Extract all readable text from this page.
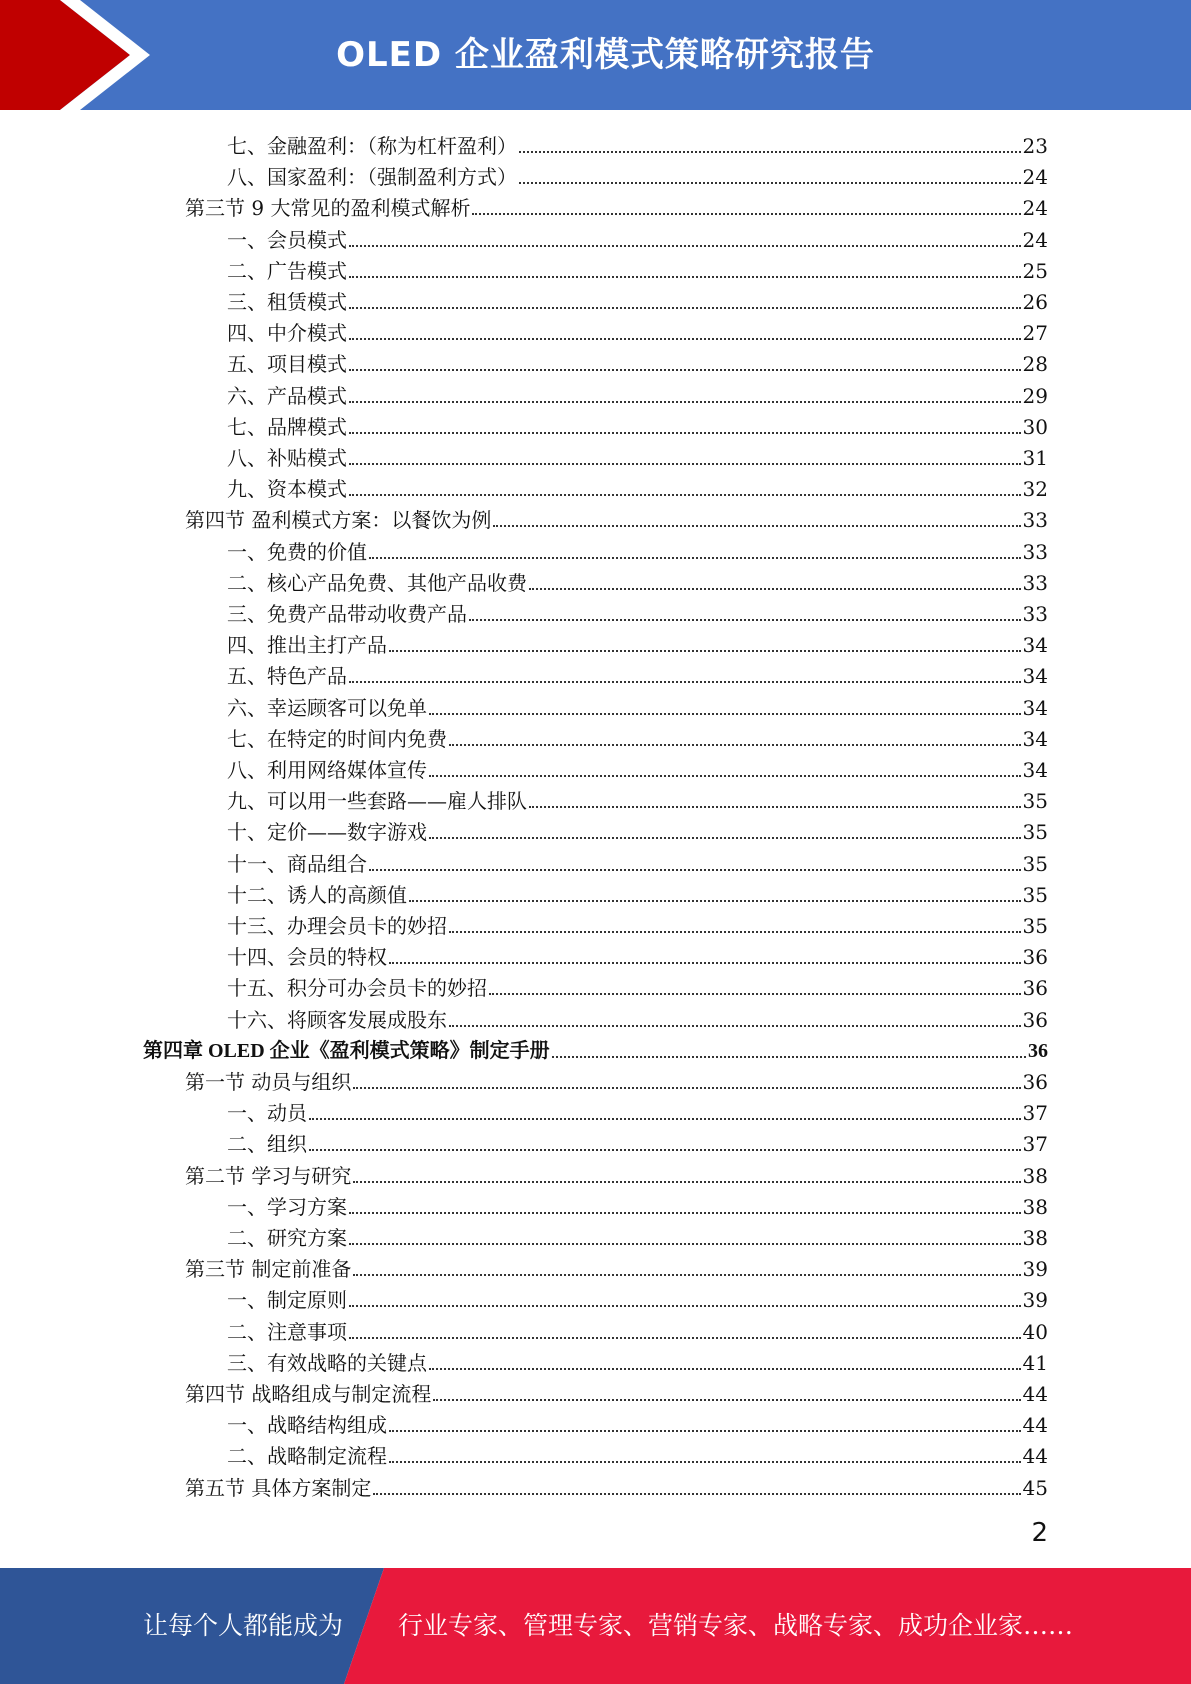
OLED 企业盈利模式策略研究报告
七、金融盈利：（称为杠杆盈利）	23
八、国家盈利：（强制盈利方式）	24
第三节 9 大常见的盈利模式解析	24
一、会员模式	24
二、广告模式	25
三、租赁模式	26
四、中介模式	27
五、项目模式	28
六、产品模式	29
七、品牌模式	30
八、补贴模式	31
九、资本模式	32
第四节 盈利模式方案：以餐饮为例	33
一、免费的价值	33
二、核心产品免费、其他产品收费	33
三、免费产品带动收费产品	33
四、推出主打产品	34
五、特色产品	34
六、幸运顾客可以免单	34
七、在特定的时间内免费	34
八、利用网络媒体宣传	34
九、可以用一些套路——雇人排队	35
十、定价——数字游戏	35
十一、商品组合	35
十二、诱人的高颜值	35
十三、办理会员卡的妙招	35
十四、会员的特权	36
十五、积分可办会员卡的妙招	36
十六、将顾客发展成股东	36
第四章 OLED 企业《盈利模式策略》制定手册	36
第一节 动员与组织	36
一、动员	37
二、组织	37
第二节 学习与研究	38
一、学习方案	38
二、研究方案	38
第三节 制定前准备	39
一、制定原则	39
二、注意事项	40
三、有效战略的关键点	41
第四节 战略组成与制定流程	44
一、战略结构组成	44
二、战略制定流程	44
第五节 具体方案制定	45
2
让每个人都能成为 行业专家、管理专家、营销专家、战略专家、成功企业家……
